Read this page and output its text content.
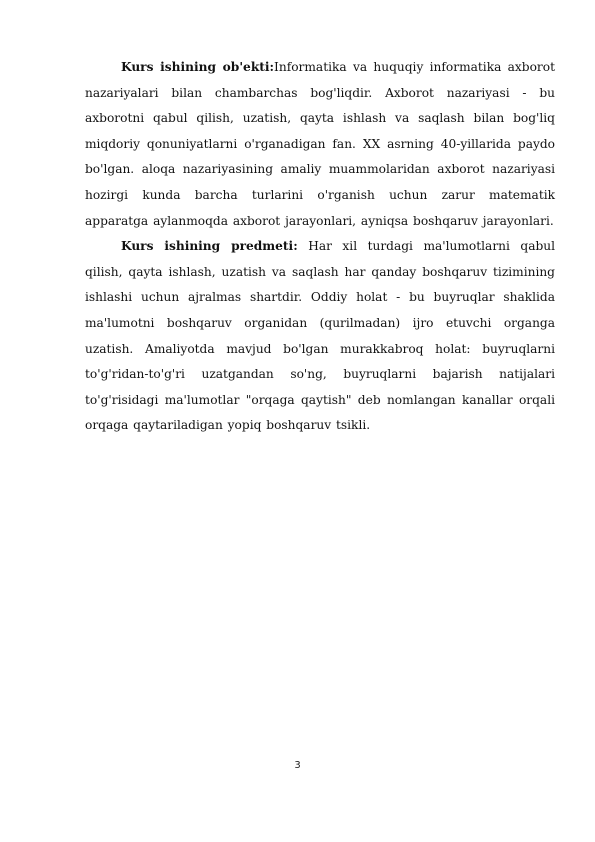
Kurs ishining ob'ekti:Informatika va huquqiy informatika axborot nazariyalari bilan chambarchas bog'liqdir. Axborot nazariyasi - bu axborotni qabul qilish, uzatish, qayta ishlash va saqlash bilan bog'liq miqdoriy qonuniyatlarni o'rganadigan fan. XX asrning 40-yillarida paydo bo'lgan. aloqa nazariyasining amaliy muammolaridan axborot nazariyasi hozirgi kunda barcha turlarini o'rganish uchun zarur matematik apparatga aylanmoqda axborot jarayonlari, ayniqsa boshqaruv jarayonlari.

Kurs ishining predmeti: Har xil turdagi ma'lumotlarni qabul qilish, qayta ishlash, uzatish va saqlash har qanday boshqaruv tizimining ishlashi uchun ajralmas shartdir. Oddiy holat - bu buyruqlar shaklida ma'lumotni boshqaruv organidan (qurilmadan) ijro etuvchi organga uzatish. Amaliyotda mavjud bo'lgan murakkabroq holat: buyruqlarni to'g'ridan-to'g'ri uzatgandan so'ng, buyruqlarni bajarish natijalari to'g'risidagi ma'lumotlar "orqaga qaytish" deb nomlangan kanallar orqali orqaga qaytariladigan yopiq boshqaruv tsikli.

3
